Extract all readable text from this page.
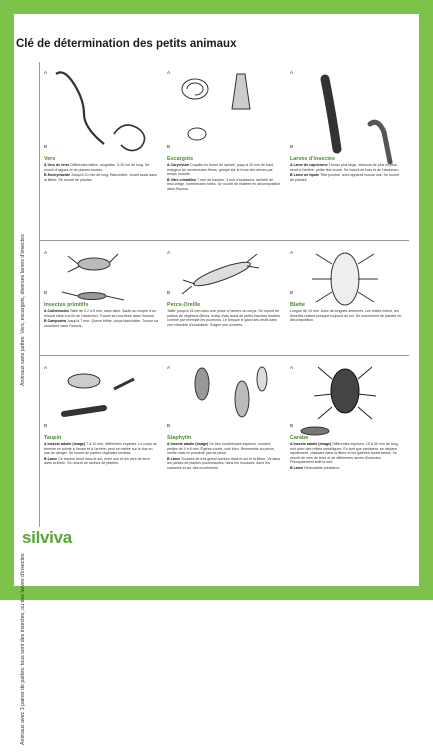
Clé de détermination des petits animaux
Animaux sans pattes: Vers, escargots, diverses larves d'insectes
Animaux avec 3 paires de pattes: tous sont des insectes, ou des larves d'insectes
A
B
Vers

A Vers de terre Différentes tailles, rougeâtre, 3-30 cm de long. Se nourrit d'algues et de plantes mortes.

B Enchytraeide Jusqu'à 10 mm de long. Blanchâtre, vivant aussi dans la litière. Se nourrit de plantes.

A
B
Escargots

A Carychium Coquille en forme de spirale, jusqu'à 20 mm de haut, mangeur de nombreuses fibres, grimpe sur le tronc des arbres par temps humide.

B Vitre cristalline 7 mm de hauteur, 3 mm d'épaisseur, tacheté de brun-beige, nombreuses stries. Se nourrit de matière en décomposition dans l'humus.

A
B
Larves d'insectes

A Larve de capricorne Thorax plus large, dessous de plus en plus étroit à l'arrière, petite tête brune. Se nourrit de bois et de l'abdomen.

B Larve de tipule Tête pointue, avec appareil buccal noir. Se nourrit de plantes.

A
B
Insectes primitifs

A Collemboles Taille de 0.2 à 6 mm, sans ailes. Saute au moyen d'un ressort situé à la fin de l'abdomen. Trouve sa nourriture dans l'humus.

B Campodea Jusqu'à 7 mm. Queue bifide, corps blanchâtre. Trouve sa nourriture dans l'humus.

A
B
Perce-Oreille

Taille: jusqu'à 16 mm avec une pince à l'arrière du corps. Se nourrit de parties de végétaux (fleurs, fruits) mais aussi de petits insectes tendres comme par exemple les pucerons. Le lorsque le gand ses œufs dans une chambre d'incubation. Soigne ses couvées.

A
B
Blatte

Longue de 10 mm. Avec de longues antennes. Les mâles volent, les femelles restent presque toujours au sol. Se nourrissent de plantes en décomposition.

A
B
Taupin

A Insecte adulte (image) 7 à 10 mm, différentes espèces. Le corps se termine en pointe à l'avant et à l'arrière, peut se mettre sur le dos en cas de danger. Se nourrit de parties végétales tendres.

B Larve Ce travers mord dans le sol, entre eux et les vers de terre dans la litière. Se nourrit de racines de plantes.

A
B
Staphylin

A Insecte adulte (image) De très nombreuses espèces, souvent petites de 4 à 6 mm. Élytres courts, vole bien. Ressemble au perce-oreille mais ne possède pas de pince.

B Larve Souvent de très grand nombre dans le sol et la litière. Vit dans les parties de plantes pourrissantes, dans les mousses, dans les cadavres et sur des excréments.

A
B
Carabe

A Insecte adulte (image) Différentes espèces, 15 à 30 mm de long, noir avec des reflets métalliques. En tant que prédateur, se déplace rapidement, chassant dans la litière et les galeries souterraines. Se nourrit de vers de terre et de différentes larves d'insectes. Principalement actif la nuit.

B Larve Redoutable prédateur.

silviva
